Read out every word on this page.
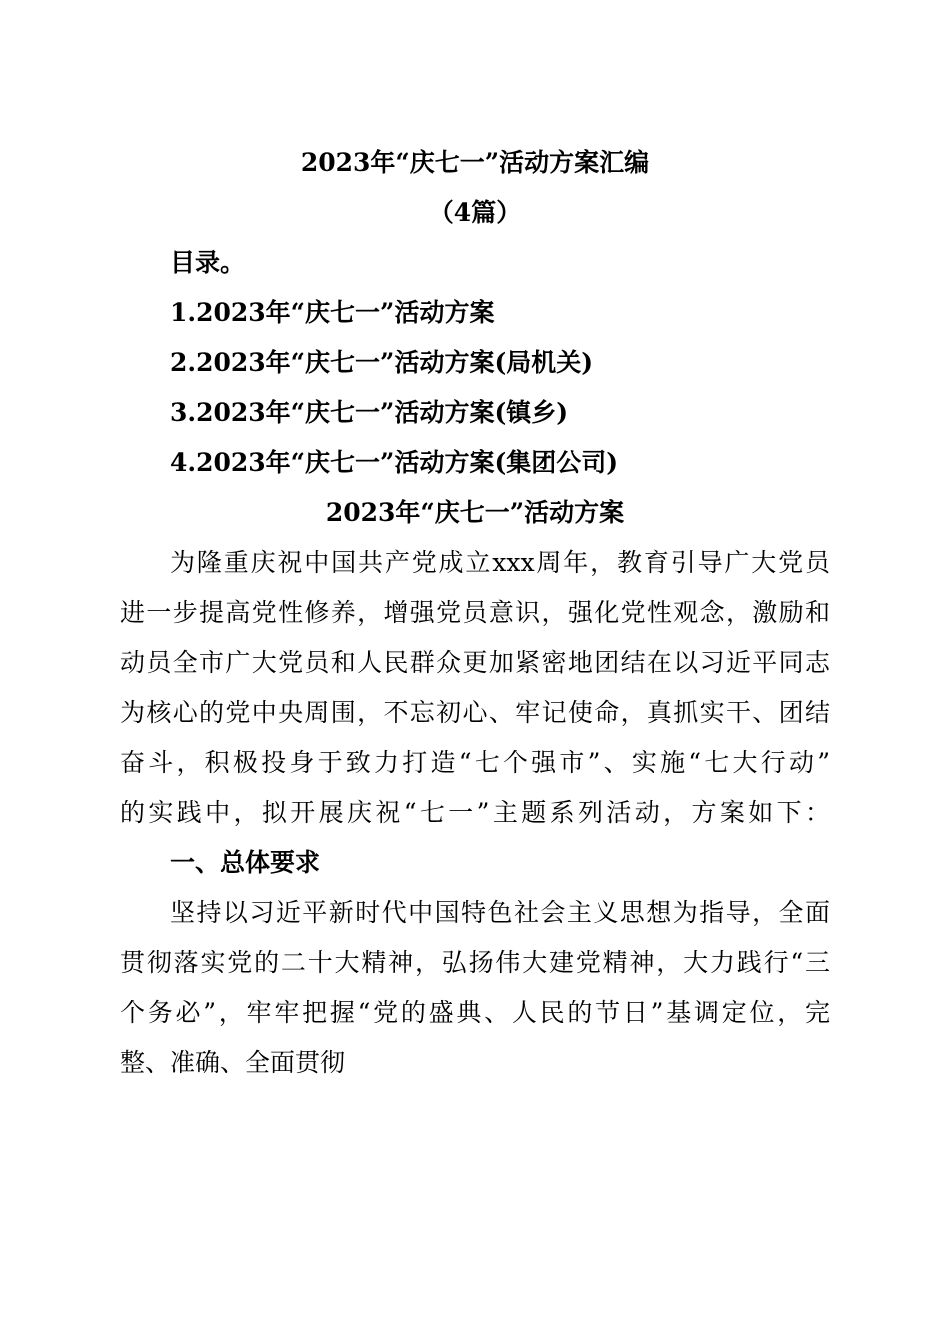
2023年“庆七一”活动方案汇编
（4篇）
目录。
1.2023年“庆七一”活动方案
2.2023年“庆七一”活动方案(局机关)
3.2023年“庆七一”活动方案(镇乡)
4.2023年“庆七一”活动方案(集团公司)
2023年“庆七一”活动方案
为隆重庆祝中国共产党成立xxx周年，教育引导广大党员
进一步提高党性修养，增强党员意识，强化党性观念，激励和
动员全市广大党员和人民群众更加紧密地团结在以习近平同志
为核心的党中央周围，不忘初心、牢记使命，真抓实干、团结
奋斗，积极投身于致力打造“七个强市”、实施“七大行动”
的实践中，拟开展庆祝“七一”主题系列活动，方案如下：
一、总体要求
坚持以习近平新时代中国特色社会主义思想为指导，全面
贯彻落实党的二十大精神，弘扬伟大建党精神，大力践行“三
个务必”，牢牢把握“党的盛典、人民的节日”基调定位，完
整、准确、全面贯彻
